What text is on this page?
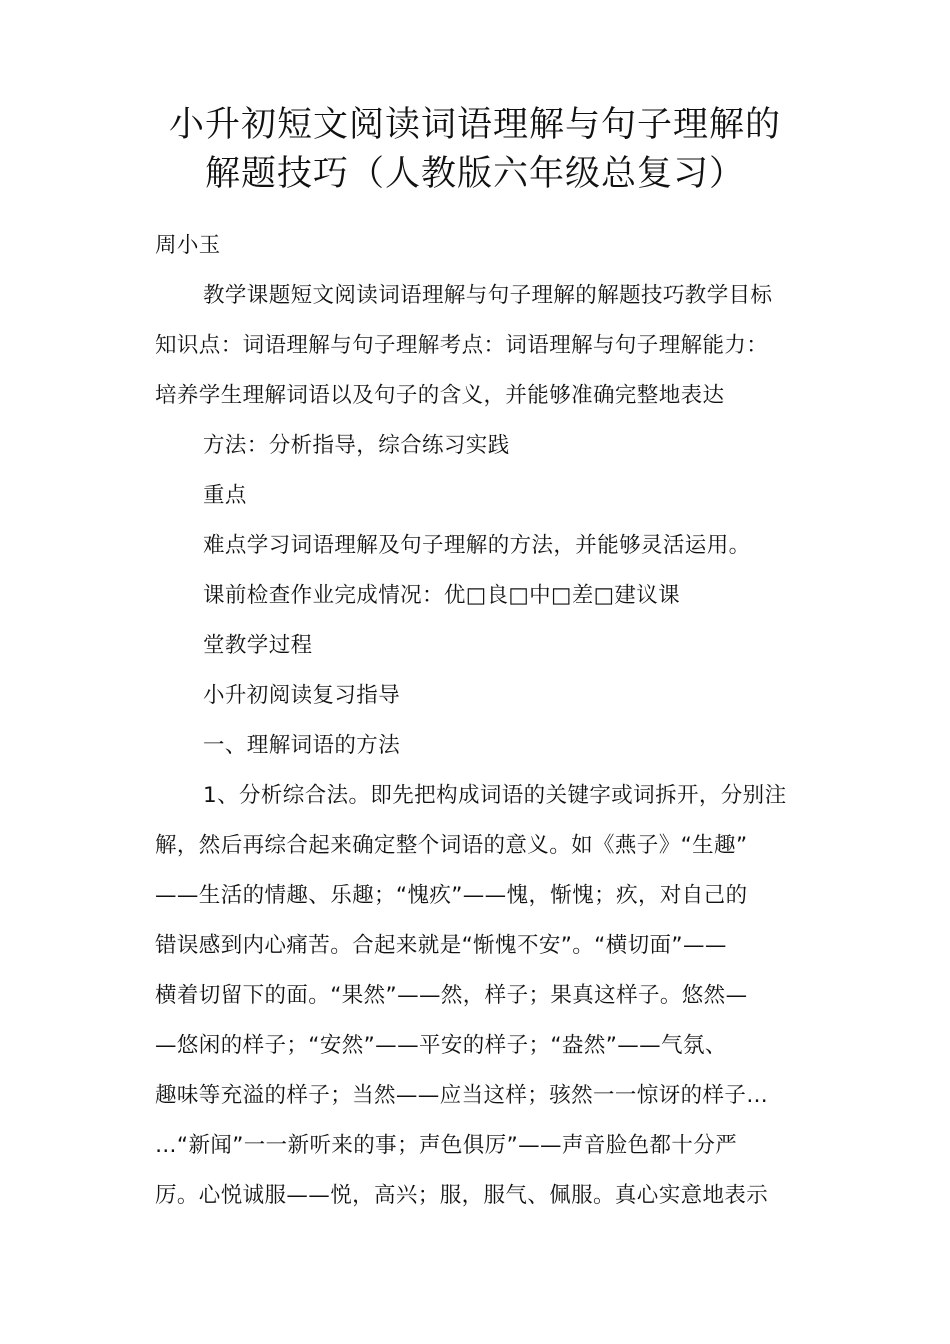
小升初短文阅读词语理解与句子理解的
解题技巧（人教版六年级总复习）
周小玉
教学课题短文阅读词语理解与句子理解的解题技巧教学目标
知识点：词语理解与句子理解考点：词语理解与句子理解能力：
培养学生理解词语以及句子的含义，并能够准确完整地表达
方法：分析指导，综合练习实践
重点
难点学习词语理解及句子理解的方法，并能够灵活运用。
课前检查作业完成情况：优□良□中□差□建议课
堂教学过程
小升初阅读复习指导
一、理解词语的方法
1、分析综合法。即先把构成词语的关键字或词拆开，分别注
解，然后再综合起来确定整个词语的意义。如《燕子》“生趣”
——生活的情趣、乐趣；“愧疚”——愧，惭愧；疚，对自己的
错误感到内心痛苦。合起来就是“惭愧不安”。“横切面”——
横着切留下的面。“果然”——然，样子；果真这样子。悠然—
—悠闲的样子；“安然”——平安的样子；“盎然”——气氛、
趣味等充溢的样子；当然——应当这样；骇然一一惊讶的样子…
…“新闻”一一新听来的事；声色俱厉”——声音脸色都十分严
厉。心悦诚服——悦，高兴；服，服气、佩服。真心实意地表示
